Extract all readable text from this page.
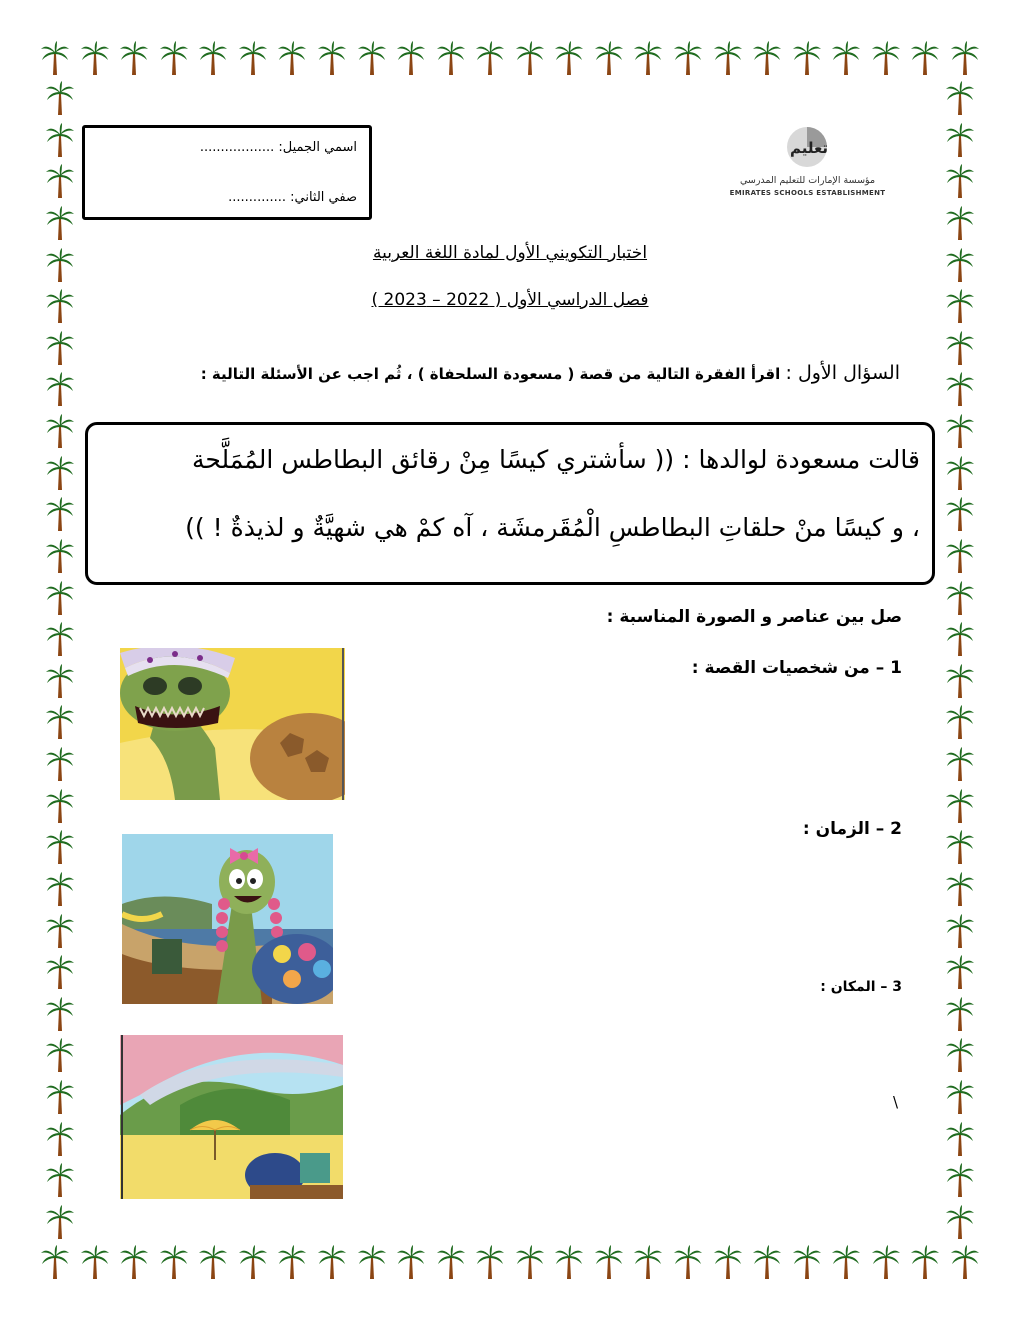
اسمي الجميل: ..................
صفي الثاني: ..............
تعليم
مؤسسة الإمارات للتعليم المدرسي
EMIRATES SCHOOLS ESTABLISHMENT
اختبار التكويني الأول لمادة اللغة العربية
فصل الدراسي الأول ( 2022 – 2023 )
السؤال الأول : اقرأ الفقرة التالية من قصة ( مسعودة السلحفاة ) ، ثُم اجب عن الأسئلة التالية :
قالت مسعودة لوالدها : (( سأشتري كيسًا مِنْ رقائق البطاطس المُمَلَّحة
، و كيسًا منْ حلقاتِ البطاطسِ الْمُقَرمشَة ، آه كمْ هي شهيَّةٌ و لذيذةٌ ! ))
صل بين عناصر و الصورة المناسبة :
1 – من شخصيات القصة :
2 – الزمان :
3 – المكان :
\
